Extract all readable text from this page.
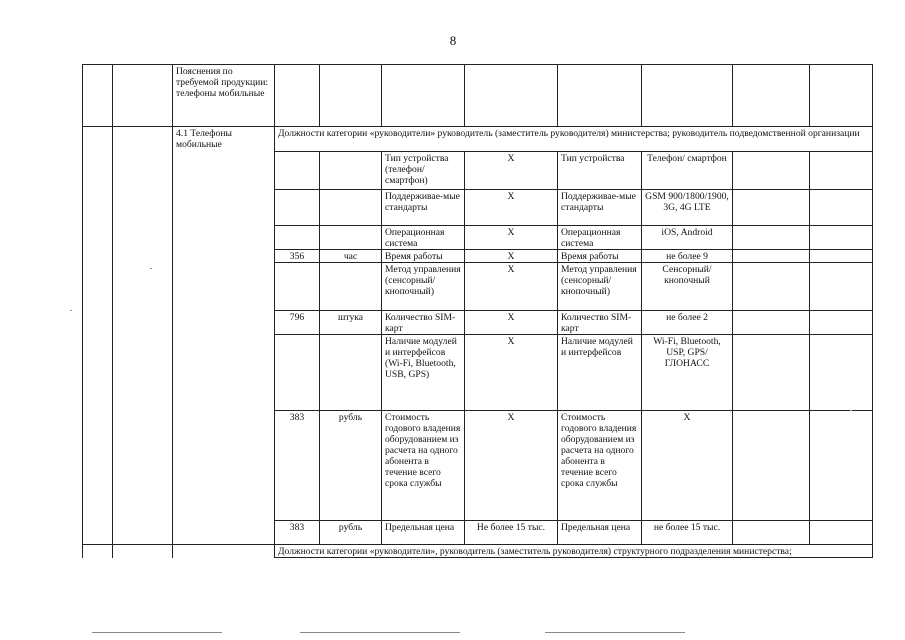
8
		Пояснения по требуемой продукции: телефоны мобильные								
		4.1 Телефоны мобильные	Должности категории «руководители» руководитель (заместитель руководителя) министерства; руководитель подведомственной организации							
					Тип устройства (телефон/ смартфон)	Х	Тип устройства	Телефон/ смартфон		
					Поддерживае-мые стандарты	Х	Поддерживае-мые стандарты	GSM 900/1800/1900, 3G, 4G LTE		
					Операционная система	Х	Операционная система	iOS, Android		
			356	час	Время работы	Х	Время работы	не более 9		
					Метод управления (сенсорный/ кнопочный)	Х	Метод управления (сенсорный/ кнопочный)	Сенсорный/ кнопочный		
			796	штука	Количество SIM-карт	Х	Количество SIM-карт	не более 2		
					Наличие модулей и интерфейсов (Wi-Fi, Bluetooth, USB, GPS)	Х	Наличие модулей и интерфейсов	Wi-Fi, Bluetooth, USP, GPS/ ГЛОНАСС		
			383	рубль	Стоимость годового владения оборудованием из расчета на одного абонента в течение всего срока службы	Х	Стоимость годового владения оборудованием из расчета на одного абонента в течение всего срока службы	Х		
			383	рубль	Предельная цена	Не более 15 тыс.	Предельная цена	не более 15 тыс.		
			Должности категории «руководители», руководитель (заместитель руководителя) структурного подразделения министерства;							
